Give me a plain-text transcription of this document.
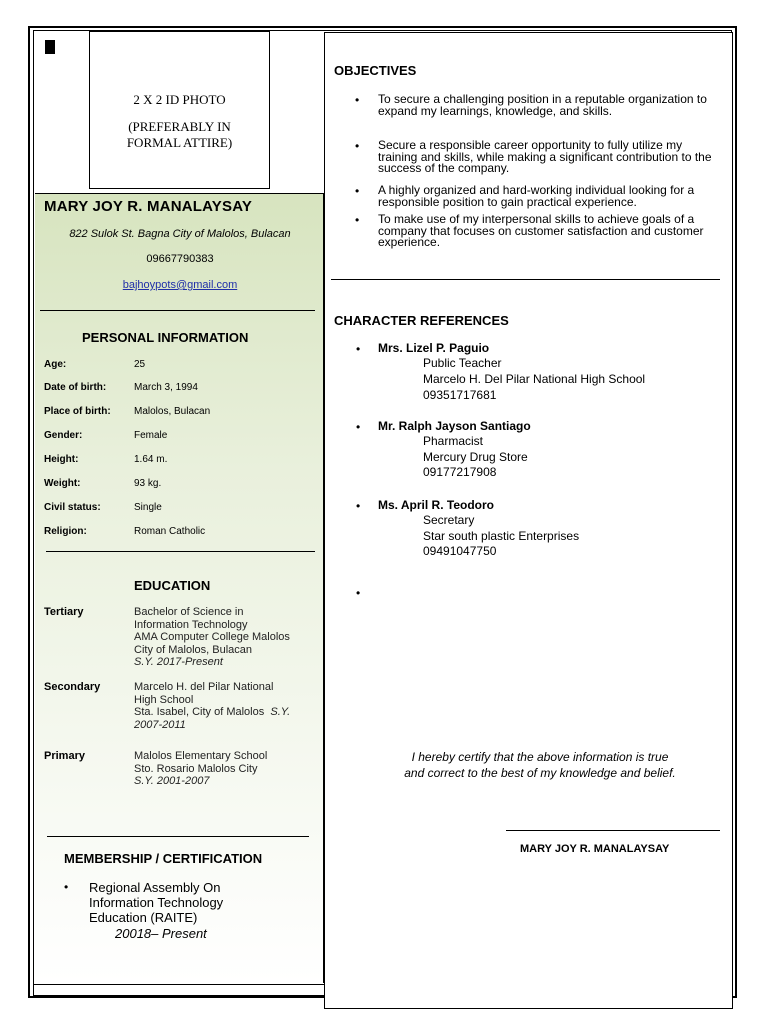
2 X 2 ID PHOTO
(PREFERABLY IN FORMAL ATTIRE)
MARY JOY R. MANALAYSAY
822 Sulok St. Bagna City of Malolos, Bulacan
09667790383
bajhoypots@gmail.com
PERSONAL INFORMATION
Age:	25
Date of birth:	March 3, 1994
Place of birth: Malolos, Bulacan
Gender:	Female
Height:	1.64 m.
Weight:	93 kg.
Civil status:	Single
Religion:	Roman Catholic
EDUCATION
Tertiary	Bachelor of Science in
Information Technology
AMA Computer College Malolos
City of Malolos, Bulacan
S.Y. 2017-Present
Secondary	Marcelo H. del Pilar National
High School
Sta. Isabel, City of Malolos S.Y.
2007-2011
Primary	Malolos Elementary School
Sto. Rosario Malolos City
S.Y. 2001-2007
MEMBERSHIP / CERTIFICATION
• Regional Assembly On Information Technology Education (RAITE)
20018– Present
OBJECTIVES
• To secure a challenging position in a reputable organization to expand my learnings, knowledge, and skills.
• Secure a responsible career opportunity to fully utilize my training and skills, while making a significant contribution to the success of the company.
• A highly organized and hard-working individual looking for a responsible position to gain practical experience.
• To make use of my interpersonal skills to achieve goals of a company that focuses on customer satisfaction and customer experience.
CHARACTER REFERENCES
• Mrs. Lizel P. Paguio
Public Teacher
Marcelo H. Del Pilar National High School
09351717681
• Mr. Ralph Jayson Santiago
Pharmacist
Mercury Drug Store
09177217908
• Ms. April R. Teodoro
Secretary
Star south plastic Enterprises
09491047750
•
I hereby certify that the above information is true
and correct to the best of my knowledge and belief.
MARY JOY R. MANALAYSAY
